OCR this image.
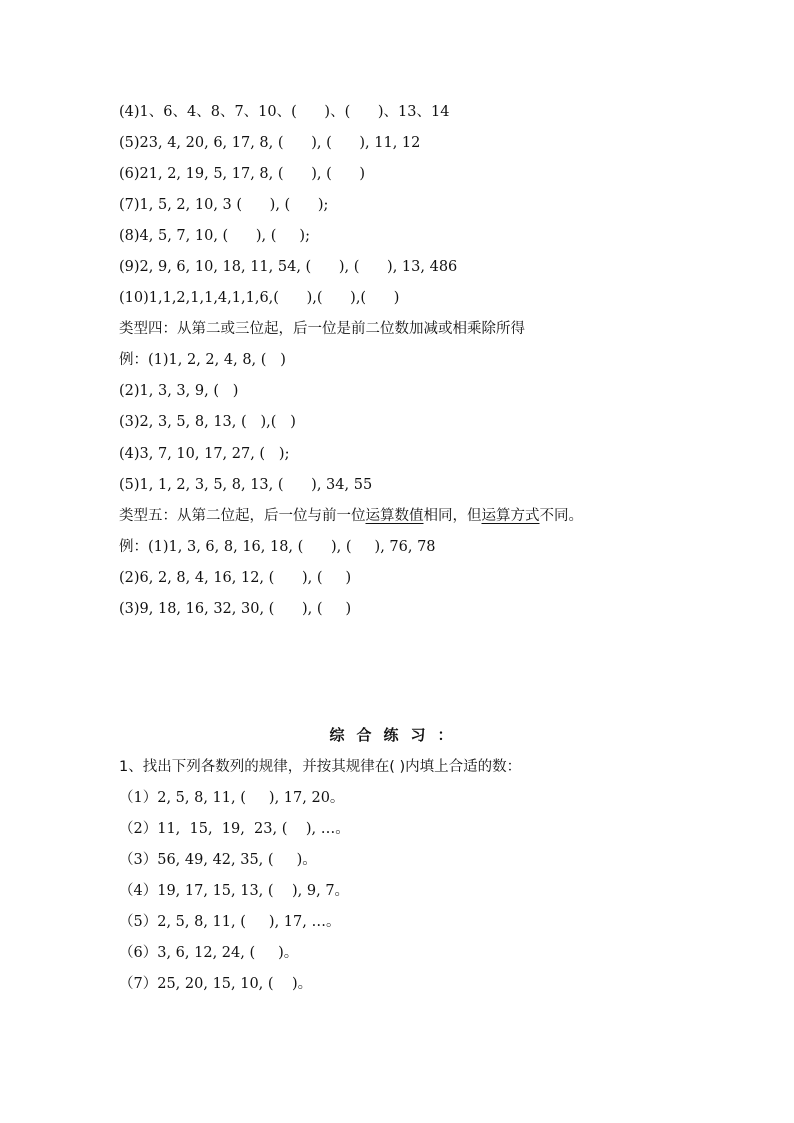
(4)1、6、4、8、7、10、(      )、(      )、13、14
(5)23, 4, 20, 6, 17, 8, (      ), (      ), 11, 12
(6)21, 2, 19, 5, 17, 8, (      ), (      )
(7)1, 5, 2, 10, 3 (      ), (      );
(8)4, 5, 7, 10, (      ), (     );
(9)2, 9, 6, 10, 18, 11, 54, (      ), (      ), 13, 486
(10)1,1,2,1,1,4,1,1,6,(      ),(      ),(      )
类型四：从第二或三位起，后一位是前二位数加减或相乘除所得
例：(1)1, 2, 2, 4, 8, (   )
(2)1, 3, 3, 9, (   )
(3)2, 3, 5, 8, 13, (   ),(   )
(4)3, 7, 10, 17, 27, (   );
(5)1, 1, 2, 3, 5, 8, 13, (      ), 34, 55
类型五：从第二位起，后一位与前一位运算数值相同，但运算方式不同。
例：(1)1, 3, 6, 8, 16, 18, (      ), (     ), 76, 78
(2)6, 2, 8, 4, 16, 12, (      ), (     )
(3)9, 18, 16, 32, 30, (      ), (     )
综合练习：
1、找出下列各数列的规律，并按其规律在( )内填上合适的数：
（1）2, 5, 8, 11, (     ), 17, 20。
（2）11,  15,  19,  23, (    ), …。
（3）56, 49, 42, 35, (     )。
（4）19, 17, 15, 13, (    ), 9, 7。
（5）2, 5, 8, 11, (     ), 17, …。
（6）3, 6, 12, 24, (     )。
（7）25, 20, 15, 10, (    )。
